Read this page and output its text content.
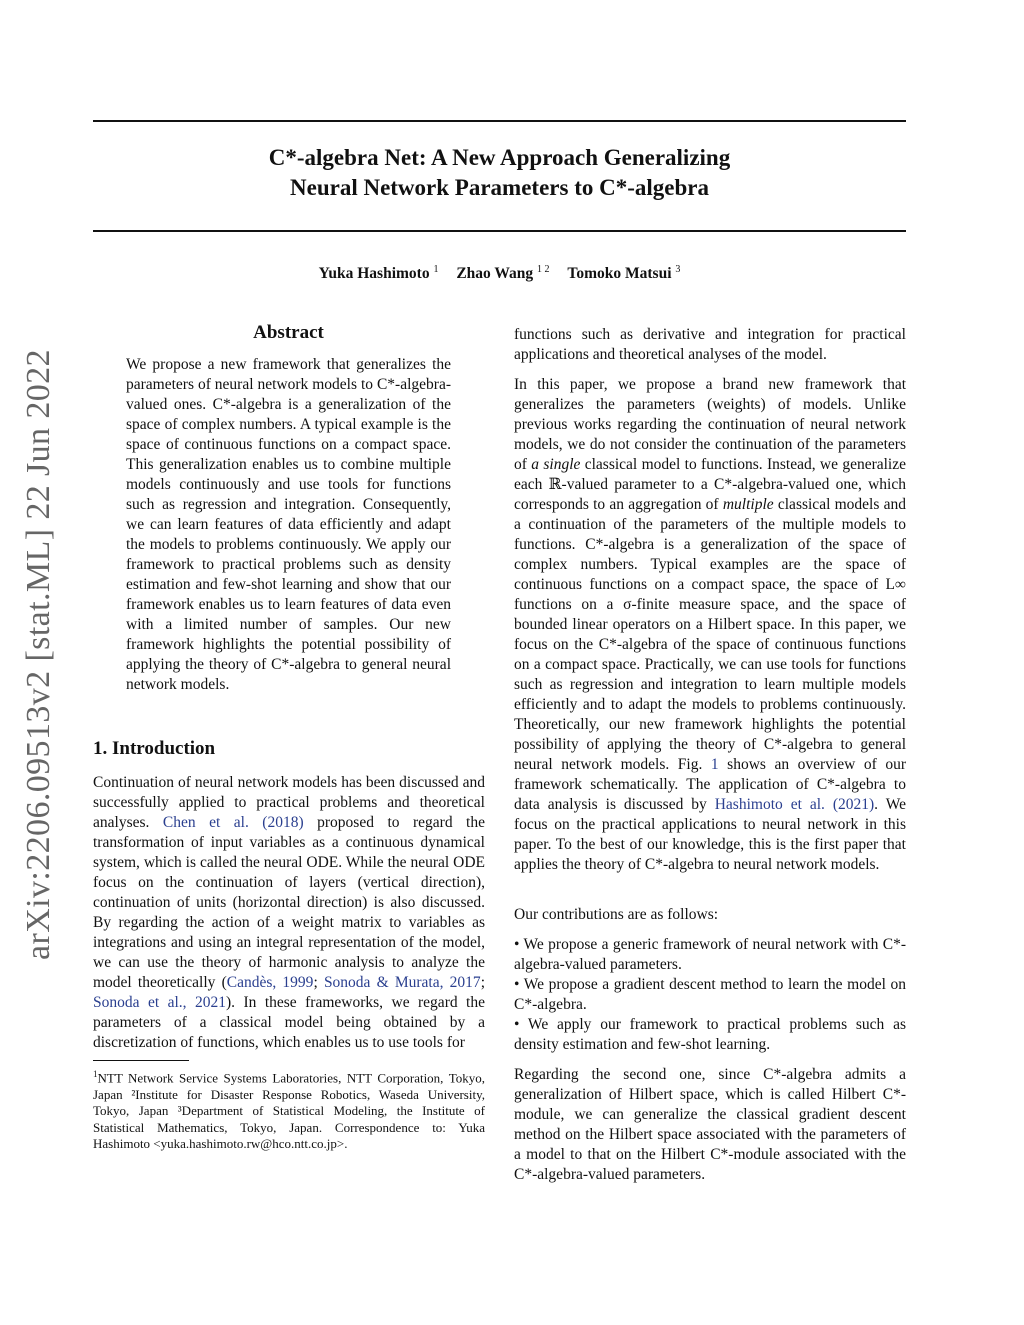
C*-algebra Net: A New Approach Generalizing
Neural Network Parameters to C*-algebra
Yuka Hashimoto $^1$ Zhao Wang $^{1 2}$ Tomoko Matsui $^3$
arXiv:2206.09513v2 [stat.ML] 22 Jun 2022
Abstract
We propose a new framework that generalizes the parameters of neural network models to C*-algebra-valued ones. C*-algebra is a generalization of the space of complex numbers. A typical example is the space of continuous functions on a compact space. This generalization enables us to combine multiple models continuously and use tools for functions such as regression and integration. Consequently, we can learn features of data efficiently and adapt the models to problems continuously. We apply our framework to practical problems such as density estimation and few-shot learning and show that our framework enables us to learn features of data even with a limited number of samples. Our new framework highlights the potential possibility of applying the theory of C*-algebra to general neural network models.
1. Introduction
Continuation of neural network models has been discussed and successfully applied to practical problems and theoretical analyses. Chen et al. (2018) proposed to regard the transformation of input variables as a continuous dynamical system, which is called the neural ODE. While the neural ODE focus on the continuation of layers (vertical direction), continuation of units (horizontal direction) is also discussed. By regarding the action of a weight matrix to variables as integrations and using an integral representation of the model, we can use the theory of harmonic analysis to analyze the model theoretically (Candès, 1999; Sonoda & Murata, 2017; Sonoda et al., 2021). In these frameworks, we regard the parameters of a classical model being obtained by a discretization of functions, which enables us to use tools for
$^1$NTT Network Service Systems Laboratories, NTT Corporation, Tokyo, Japan ²Institute for Disaster Response Robotics, Waseda University, Tokyo, Japan ³Department of Statistical Modeling, the Institute of Statistical Mathematics, Tokyo, Japan. Correspondence to: Yuka Hashimoto <yuka.hashimoto.rw@hco.ntt.co.jp>.
functions such as derivative and integration for practical applications and theoretical analyses of the model.
In this paper, we propose a brand new framework that generalizes the parameters (weights) of models. Unlike previous works regarding the continuation of neural network models, we do not consider the continuation of the parameters of a single classical model to functions. Instead, we generalize each ℝ-valued parameter to a C*-algebra-valued one, which corresponds to an aggregation of multiple classical models and a continuation of the parameters of the multiple models to functions. C*-algebra is a generalization of the space of complex numbers. Typical examples are the space of continuous functions on a compact space, the space of L∞ functions on a σ-finite measure space, and the space of bounded linear operators on a Hilbert space. In this paper, we focus on the C*-algebra of the space of continuous functions on a compact space. Practically, we can use tools for functions such as regression and integration to learn multiple models efficiently and to adapt the models to problems continuously. Theoretically, our new framework highlights the potential possibility of applying the theory of C*-algebra to general neural network models. Fig. 1 shows an overview of our framework schematically. The application of C*-algebra to data analysis is discussed by Hashimoto et al. (2021). We focus on the practical applications to neural network in this paper. To the best of our knowledge, this is the first paper that applies the theory of C*-algebra to neural network models.
Our contributions are as follows:

• We propose a generic framework of neural network with C*-algebra-valued parameters.

• We propose a gradient descent method to learn the model on C*-algebra.

• We apply our framework to practical problems such as density estimation and few-shot learning.

Regarding the second one, since C*-algebra admits a generalization of Hilbert space, which is called Hilbert C*-module, we can generalize the classical gradient descent method on the Hilbert space associated with the parameters of a model to that on the Hilbert C*-module associated with the C*-algebra-valued parameters.
